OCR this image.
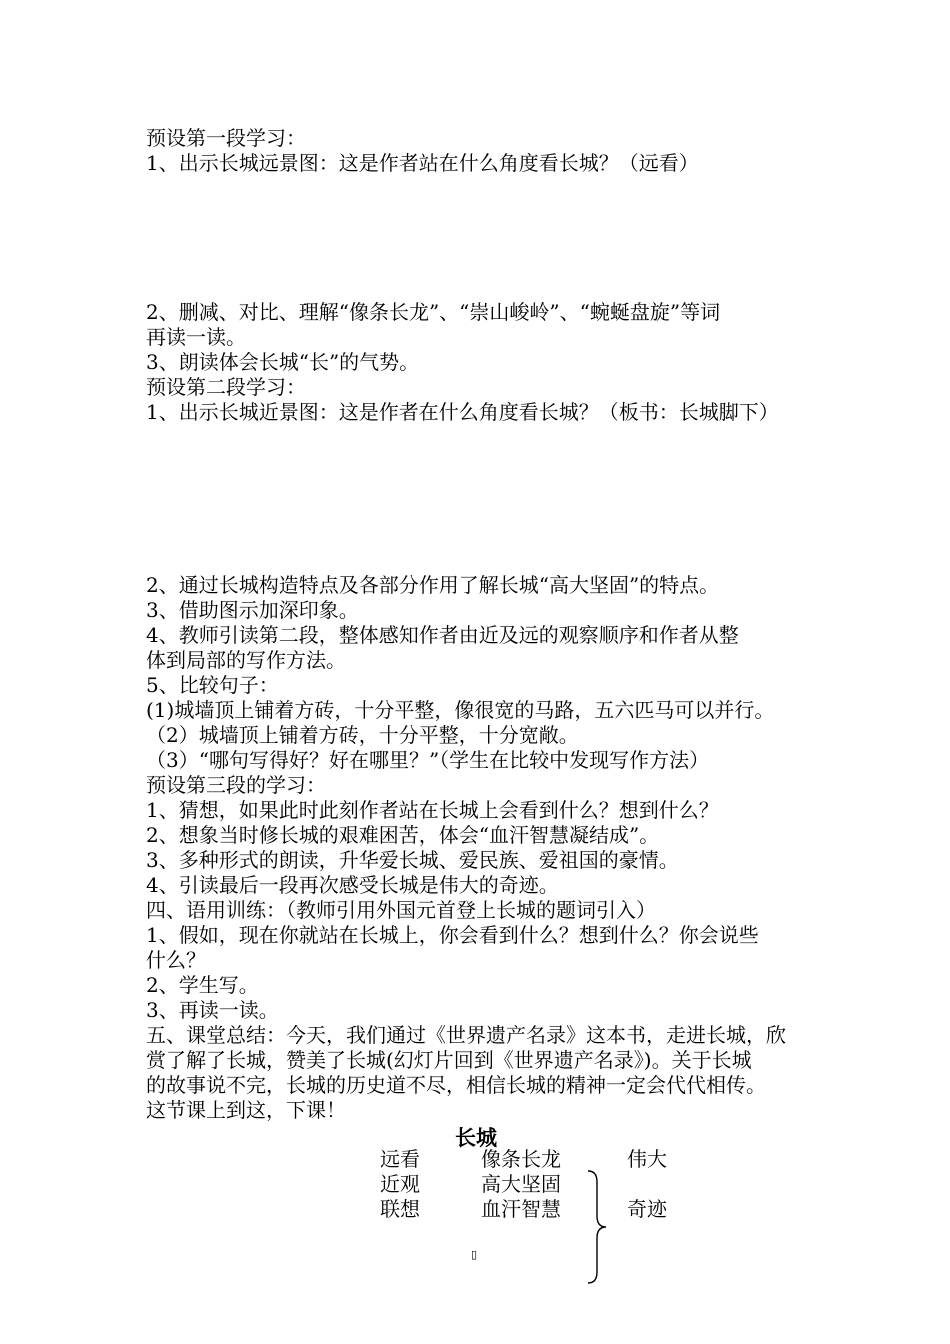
预设第一段学习：
1、出示长城远景图：这是作者站在什么角度看长城？（远看）
2、删减、对比、理解“像条长龙”、“崇山峻岭”、“蜿蜒盘旋”等词
再读一读。
3、朗读体会长城“长”的气势。
预设第二段学习：
1、出示长城近景图：这是作者在什么角度看长城？（板书：长城脚下）
2、通过长城构造特点及各部分作用了解长城“高大坚固”的特点。
3、借助图示加深印象。
4、教师引读第二段，整体感知作者由近及远的观察顺序和作者从整
体到局部的写作方法。
5、比较句子：
(1)城墙顶上铺着方砖，十分平整，像很宽的马路，五六匹马可以并行。
（2）城墙顶上铺着方砖，十分平整，十分宽敞。
（3）“哪句写得好？好在哪里？”（学生在比较中发现写作方法）
预设第三段的学习：
1、猜想，如果此时此刻作者站在长城上会看到什么？想到什么？
2、想象当时修长城的艰难困苦，体会“血汗智慧凝结成”。
3、多种形式的朗读，升华爱长城、爱民族、爱祖国的豪情。
4、引读最后一段再次感受长城是伟大的奇迹。
四、语用训练：（教师引用外国元首登上长城的题词引入）
1、假如，现在你就站在长城上，你会看到什么？想到什么？你会说些
什么？
2、学生写。
3、再读一读。
五、课堂总结：今天，我们通过《世界遗产名录》这本书，走进长城，欣
赏了解了长城，赞美了长城(幻灯片回到《世界遗产名录》)。关于长城
的故事说不完，长城的历史道不尽，相信长城的精神一定会代代相传。
这节课上到这，下课！
长城
远看
近观
联想
像条长龙
高大坚固
血汗智慧
伟大
奇迹
▯
